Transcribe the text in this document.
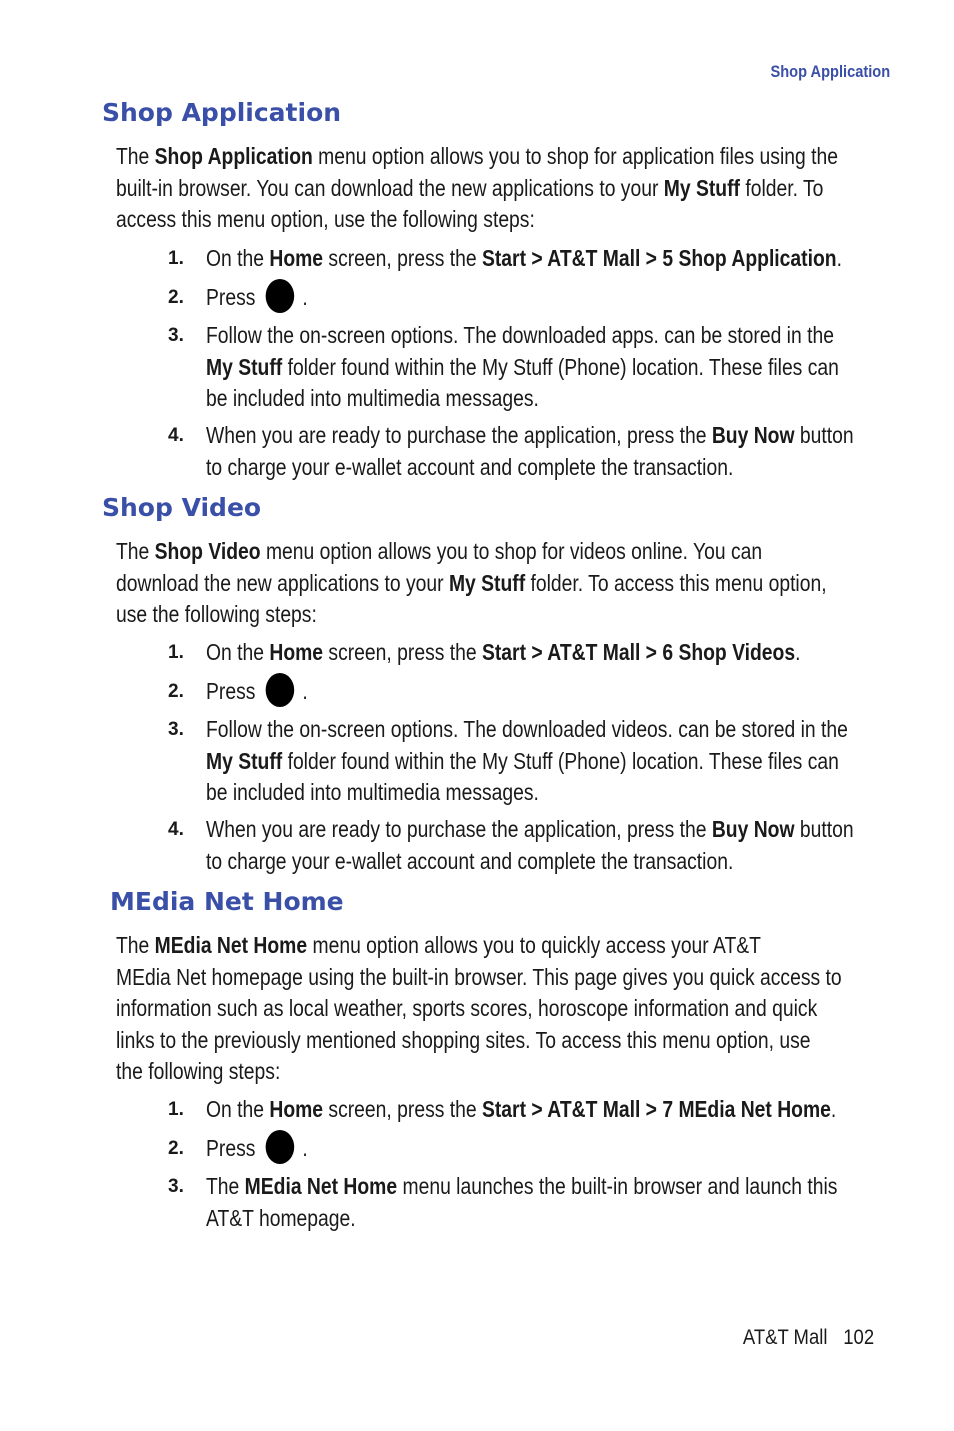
Shop Application
Shop Application
The Shop Application menu option allows you to shop for application files using the
built-in browser. You can download the new applications to your My Stuff folder. To
access this menu option, use the following steps:
1. On the Home screen, press the Start > AT&T Mall > 5 Shop Application.
2. Press .
3. Follow the on-screen options. The downloaded apps. can be stored in the
My Stuff folder found within the My Stuff (Phone) location. These files can
be included into multimedia messages.
4. When you are ready to purchase the application, press the Buy Now button
to charge your e-wallet account and complete the transaction.
Shop Video
The Shop Video menu option allows you to shop for videos online. You can
download the new applications to your My Stuff folder. To access this menu option,
use the following steps:
1. On the Home screen, press the Start > AT&T Mall > 6 Shop Videos.
2. Press .
3. Follow the on-screen options. The downloaded videos. can be stored in the
My Stuff folder found within the My Stuff (Phone) location. These files can
be included into multimedia messages.
4. When you are ready to purchase the application, press the Buy Now button
to charge your e-wallet account and complete the transaction.
MEdia Net Home
The MEdia Net Home menu option allows you to quickly access your AT&T
MEdia Net homepage using the built-in browser. This page gives you quick access to
information such as local weather, sports scores, horoscope information and quick
links to the previously mentioned shopping sites. To access this menu option, use
the following steps:
1. On the Home screen, press the Start > AT&T Mall > 7 MEdia Net Home.
2. Press .
3. The MEdia Net Home menu launches the built-in browser and launch this
AT&T homepage.
AT&T Mall 102
